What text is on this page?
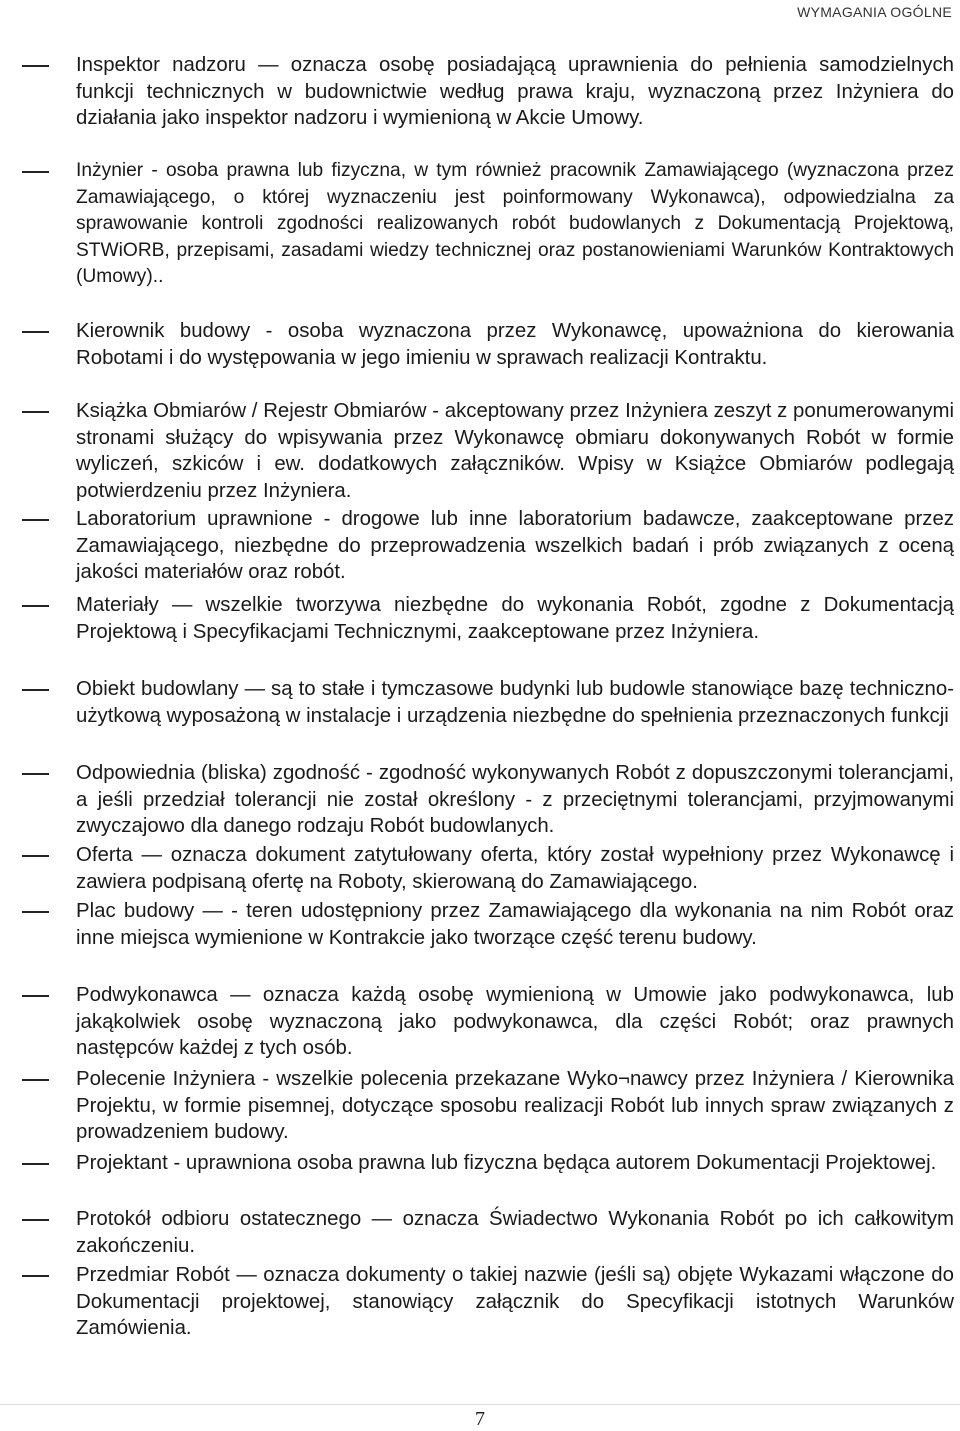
WYMAGANIA OGÓLNE
Inspektor nadzoru — oznacza osobę posiadającą uprawnienia do pełnienia samodzielnych funkcji technicznych w budownictwie według prawa kraju, wyznaczoną przez Inżyniera do działania jako inspektor nadzoru i wymienioną w Akcie Umowy.
Inżynier - osoba prawna lub fizyczna, w tym również pracownik Zamawiającego (wyznaczona przez Zamawiającego, o której wyznaczeniu jest poinformowany Wykonawca), odpowiedzialna za sprawowanie kontroli zgodności realizowanych robót budowlanych z Dokumentacją Projektową, STWiORB, przepisami, zasadami wiedzy technicznej oraz postanowieniami Warunków Kontraktowych (Umowy)..
Kierownik budowy - osoba wyznaczona przez Wykonawcę, upoważniona do kierowania Robotami i do występowania w jego imieniu w sprawach realizacji Kontraktu.
Książka Obmiarów / Rejestr Obmiarów - akceptowany przez Inżyniera zeszyt z ponumerowanymi stronami służący do wpisywania przez Wykonawcę obmiaru dokonywanych Robót w formie wyliczeń, szkiców i ew. dodatkowych załączników. Wpisy w Książce Obmiarów podlegają potwierdzeniu przez Inżyniera.
Laboratorium uprawnione - drogowe lub inne laboratorium badawcze, zaakceptowane przez Zamawiającego, niezbędne do przeprowadzenia wszelkich badań i prób związanych z oceną jakości materiałów oraz robót.
Materiały — wszelkie tworzywa niezbędne do wykonania Robót, zgodne z Dokumentacją Projektową i Specyfikacjami Technicznymi, zaakceptowane przez Inżyniera.
Obiekt budowlany — są to stałe i tymczasowe budynki lub budowle stanowiące bazę techniczno-użytkową wyposażoną w instalacje i urządzenia niezbędne do spełnienia przeznaczonych funkcji
Odpowiednia (bliska) zgodność - zgodność wykonywanych Robót z dopuszczonymi tolerancjami, a jeśli przedział tolerancji nie został określony - z przeciętnymi tolerancjami, przyjmowanymi zwyczajowo dla danego rodzaju Robót budowlanych.
Oferta — oznacza dokument zatytułowany oferta, który został wypełniony przez Wykonawcę i zawiera podpisaną ofertę na Roboty, skierowaną do Zamawiającego.
Plac budowy — - teren udostępniony przez Zamawiającego dla wykonania na nim Robót oraz inne miejsca wymienione w Kontrakcie jako tworzące część terenu budowy.
Podwykonawca — oznacza każdą osobę wymienioną w Umowie jako podwykonawca, lub jakąkolwiek osobę wyznaczoną jako podwykonawca, dla części Robót; oraz prawnych następców każdej z tych osób.
Polecenie Inżyniera - wszelkie polecenia przekazane Wyko¬nawcy przez Inżyniera / Kierownika Projektu, w formie pisemnej, dotyczące sposobu realizacji Robót lub innych spraw związanych z prowadzeniem budowy.
Projektant - uprawniona osoba prawna lub fizyczna będąca autorem Dokumentacji Projektowej.
Protokół odbioru ostatecznego — oznacza Świadectwo Wykonania Robót po ich całkowitym zakończeniu.
Przedmiar Robót — oznacza dokumenty o takiej nazwie (jeśli są) objęte Wykazami włączone do Dokumentacji projektowej, stanowiący załącznik do Specyfikacji istotnych Warunków Zamówienia.
7
